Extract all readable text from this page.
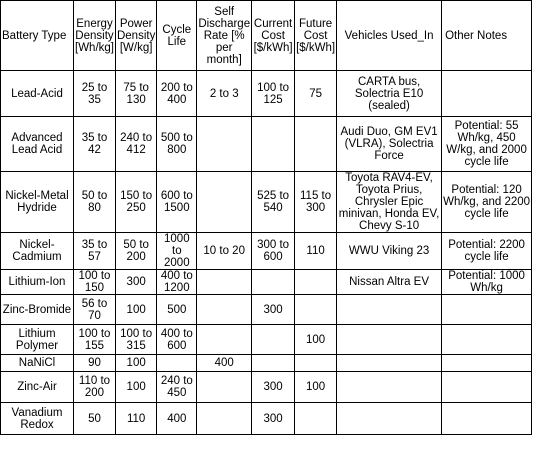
Battery Type	Energy Density [Wh/kg]	Power Density [W/kg]	Cycle Life	Self Discharge Rate [% per month]	Current Cost [$/kWh]	Future Cost [$/kWh]	Vehicles Used_In	Other Notes
Lead-Acid	25 to 35	75 to 130	200 to 400	2 to 3	100 to 125	75	CARTA bus, Solectria E10 (sealed)	
Advanced Lead Acid	35 to 42	240 to 412	500 to 800				Audi Duo, GM EV1 (VLRA), Solectria Force	Potential: 55 Wh/kg, 450 W/kg, and 2000 cycle life
Nickel-Metal Hydride	50 to 80	150 to 250	600 to 1500		525 to 540	115 to 300	Toyota RAV4-EV, Toyota Prius, Chrysler Epic minivan, Honda EV, Chevy S-10	Potential: 120 Wh/kg, and 2200 cycle life
Nickel-Cadmium	35 to 57	50 to 200	1000 to 2000	10 to 20	300 to 600	110	WWU Viking 23	Potential: 2200 cycle life
Lithium-Ion	100 to 150	300	400 to 1200				Nissan Altra EV	Potential: 1000 Wh/kg
Zinc-Bromide	56 to 70	100	500		300			
Lithium Polymer	100 to 155	100 to 315	400 to 600			100		
NaNiCl	90	100		400				
Zinc-Air	110 to 200	100	240 to 450		300	100		
Vanadium Redox	50	110	400		300			
